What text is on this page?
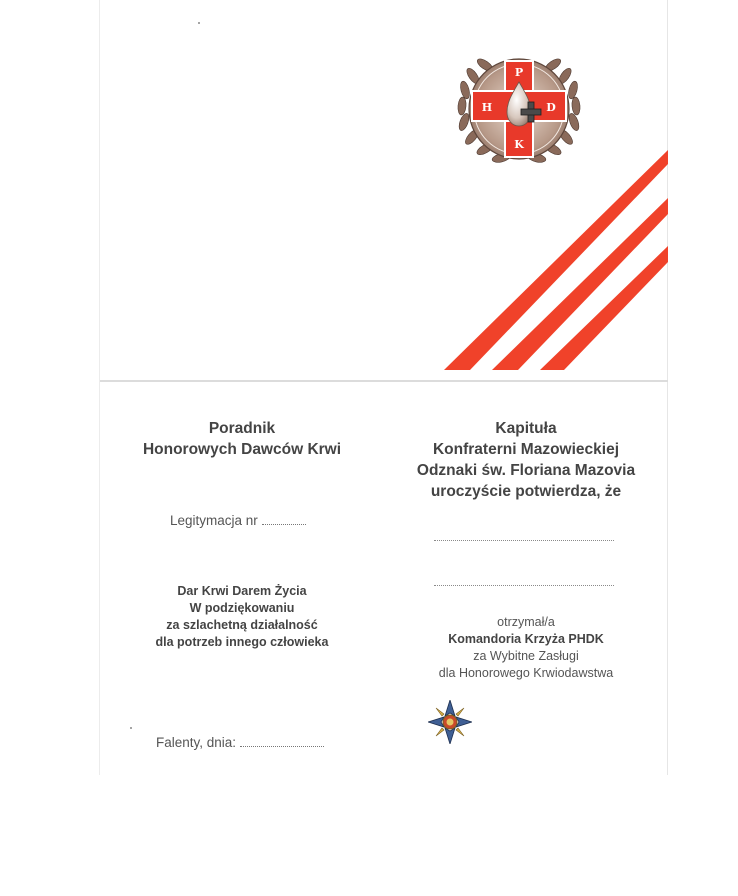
P
H	D
K
Poradnik
Honorowych Dawców Krwi
Legitymacja nr
Dar Krwi Darem Życia
W podziękowaniu
za szlachetną działalność
dla potrzeb innego człowieka
Falenty, dnia:
Kapituła
Konfraterni Mazowieckiej
Odznaki św. Floriana Mazovia
uroczyście potwierdza, że
otrzymał/a
Komandoria Krzyża PHDK
za Wybitne Zasługi
dla Honorowego Krwiodawstwa
